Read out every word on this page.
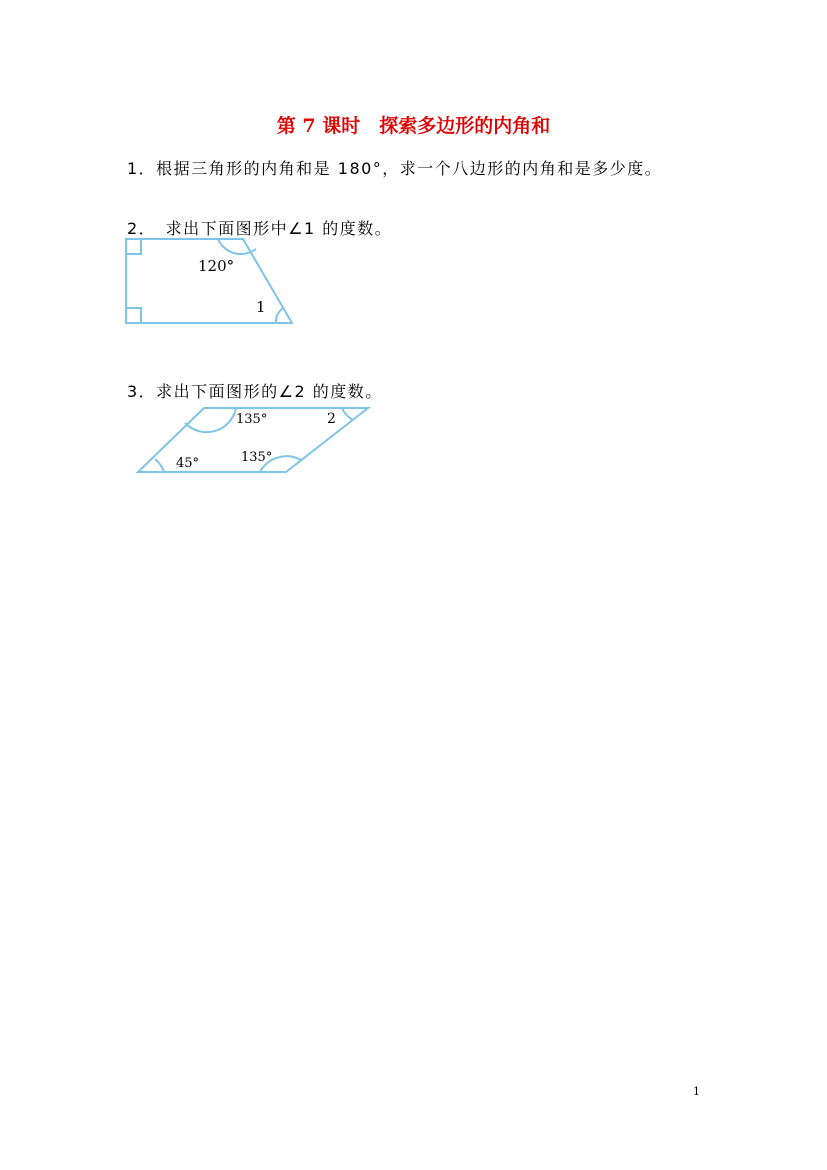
第 7 课时　探索多边形的内角和
1．根据三角形的内角和是 180°，求一个八边形的内角和是多少度。
2．　求出下面图形中∠1 的度数。
120°
1
3．求出下面图形的∠2 的度数。
135°	2
45°	135°
1
